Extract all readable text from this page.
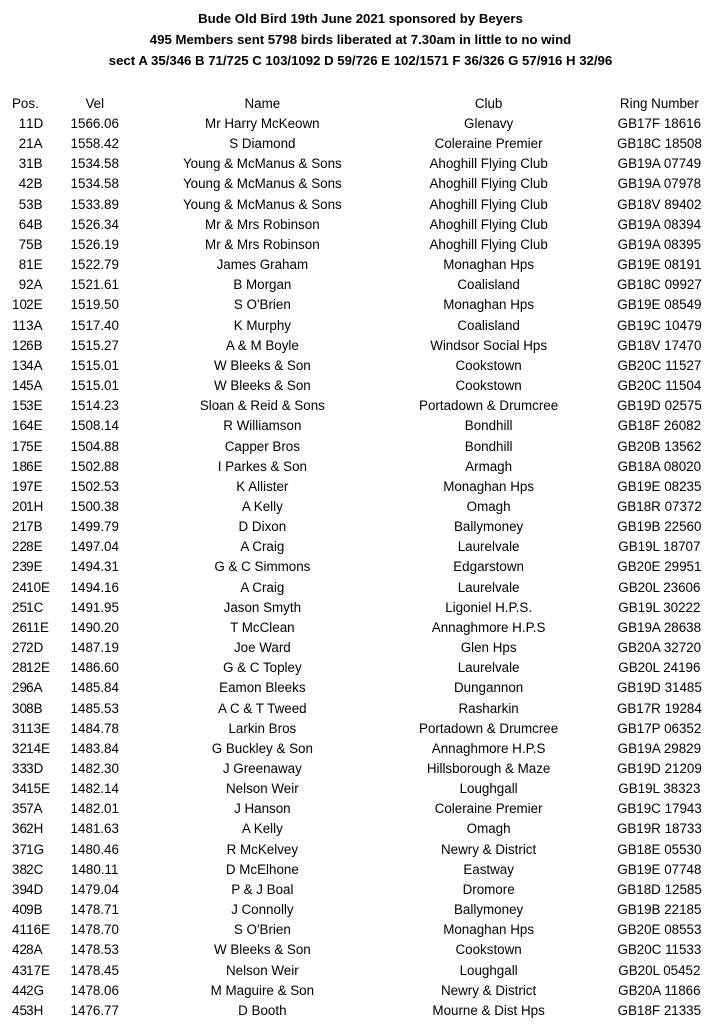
Bude Old Bird 19th June 2021 sponsored by Beyers
495 Members sent 5798 birds liberated at 7.30am in little to no wind
sect A 35/346 B 71/725 C 103/1092 D 59/726 E 102/1571 F 36/326 G 57/916 H 32/96
Pos.		Vel	Name	Club	Ring Number

1	1D	1566.06	Mr Harry McKeown	Glenavy	GB17F 18616
2	1A	1558.42	S Diamond	Coleraine Premier	GB18C 18508
3	1B	1534.58	Young & McManus & Sons	Ahoghill Flying Club	GB19A 07749
4	2B	1534.58	Young & McManus & Sons	Ahoghill Flying Club	GB19A 07978
5	3B	1533.89	Young & McManus & Sons	Ahoghill Flying Club	GB18V 89402
6	4B	1526.34	Mr & Mrs Robinson	Ahoghill Flying Club	GB19A 08394
7	5B	1526.19	Mr & Mrs Robinson	Ahoghill Flying Club	GB19A 08395
8	1E	1522.79	James Graham	Monaghan Hps	GB19E 08191
9	2A	1521.61	B Morgan	Coalisland	GB18C 09927
10	2E	1519.50	S O'Brien	Monaghan Hps	GB19E 08549
11	3A	1517.40	K Murphy	Coalisland	GB19C 10479
12	6B	1515.27	A & M Boyle	Windsor Social Hps	GB18V 17470
13	4A	1515.01	W Bleeks & Son	Cookstown	GB20C 11527
14	5A	1515.01	W Bleeks & Son	Cookstown	GB20C 11504
15	3E	1514.23	Sloan & Reid & Sons	Portadown & Drumcree	GB19D 02575
16	4E	1508.14	R Williamson	Bondhill	GB18F 26082
17	5E	1504.88	Capper Bros	Bondhill	GB20B 13562
18	6E	1502.88	I Parkes & Son	Armagh	GB18A 08020
19	7E	1502.53	K Allister	Monaghan Hps	GB19E 08235
20	1H	1500.38	A Kelly	Omagh	GB18R 07372
21	7B	1499.79	D Dixon	Ballymoney	GB19B 22560
22	8E	1497.04	A Craig	Laurelvale	GB19L 18707
23	9E	1494.31	G & C Simmons	Edgarstown	GB20E 29951
24	10E	1494.16	A Craig	Laurelvale	GB20L 23606
25	1C	1491.95	Jason Smyth	Ligoniel H.P.S.	GB19L 30222
26	11E	1490.20	T McClean	Annaghmore H.P.S	GB19A 28638
27	2D	1487.19	Joe Ward	Glen Hps	GB20A 32720
28	12E	1486.60	G & C Topley	Laurelvale	GB20L 24196
29	6A	1485.84	Eamon Bleeks	Dungannon	GB19D 31485
30	8B	1485.53	A C & T Tweed	Rasharkin	GB17R 19284
31	13E	1484.78	Larkin Bros	Portadown & Drumcree	GB17P 06352
32	14E	1483.84	G Buckley & Son	Annaghmore H.P.S	GB19A 29829
33	3D	1482.30	J Greenaway	Hillsborough & Maze	GB19D 21209
34	15E	1482.14	Nelson Weir	Loughgall	GB19L 38323
35	7A	1482.01	J Hanson	Coleraine Premier	GB19C 17943
36	2H	1481.63	A Kelly	Omagh	GB19R 18733
37	1G	1480.46	R McKelvey	Newry & District	GB18E 05530
38	2C	1480.11	D McElhone	Eastway	GB19E 07748
39	4D	1479.04	P & J Boal	Dromore	GB18D 12585
40	9B	1478.71	J Connolly	Ballymoney	GB19B 22185
41	16E	1478.70	S O'Brien	Monaghan Hps	GB20E 08553
42	8A	1478.53	W Bleeks & Son	Cookstown	GB20C 11533
43	17E	1478.45	Nelson Weir	Loughgall	GB20L 05452
44	2G	1478.06	M Maguire & Son	Newry & District	GB20A 11866
45	3H	1476.77	D Booth	Mourne & Dist Hps	GB18F 21335
